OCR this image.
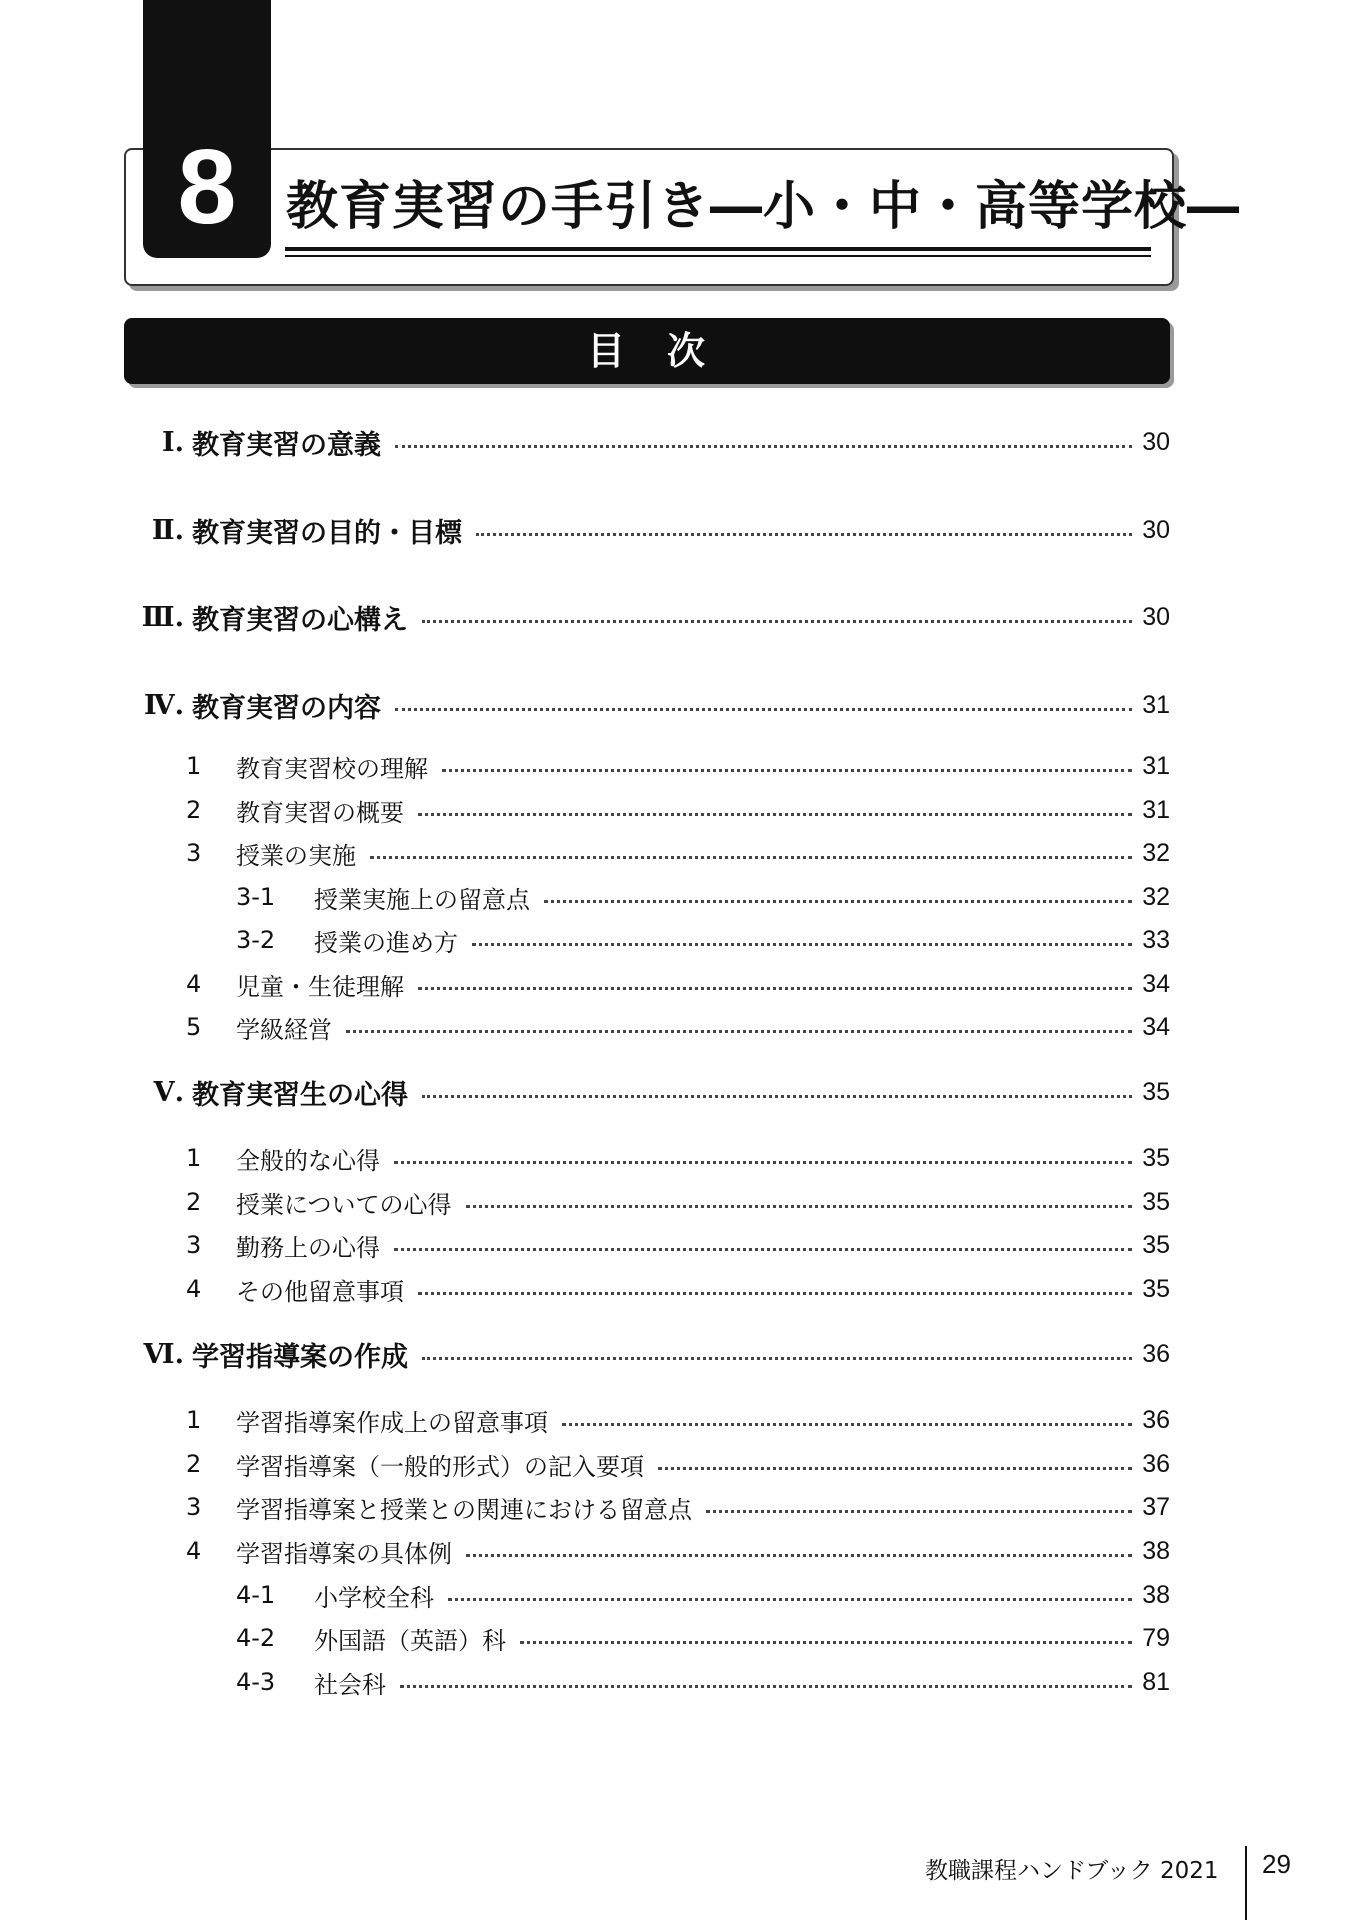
8 教育実習の手引き―小・中・高等学校―
目　次
Ⅰ. 教育実習の意義	30
Ⅱ. 教育実習の目的・目標	30
Ⅲ. 教育実習の心構え	30
Ⅳ. 教育実習の内容	31
1	教育実習校の理解	31
2	教育実習の概要	31
3	授業の実施	32
3-1	授業実施上の留意点	32
3-2	授業の進め方	33
4	児童・生徒理解	34
5	学級経営	34
Ⅴ. 教育実習生の心得	35
1	全般的な心得	35
2	授業についての心得	35
3	勤務上の心得	35
4	その他留意事項	35
Ⅵ. 学習指導案の作成	36
1	学習指導案作成上の留意事項	36
2	学習指導案（一般的形式）の記入要項	36
3	学習指導案と授業との関連における留意点	37
4	学習指導案の具体例	38
4-1	小学校全科	38
4-2	外国語（英語）科	79
4-3	社会科	81
教職課程ハンドブック 2021 29
